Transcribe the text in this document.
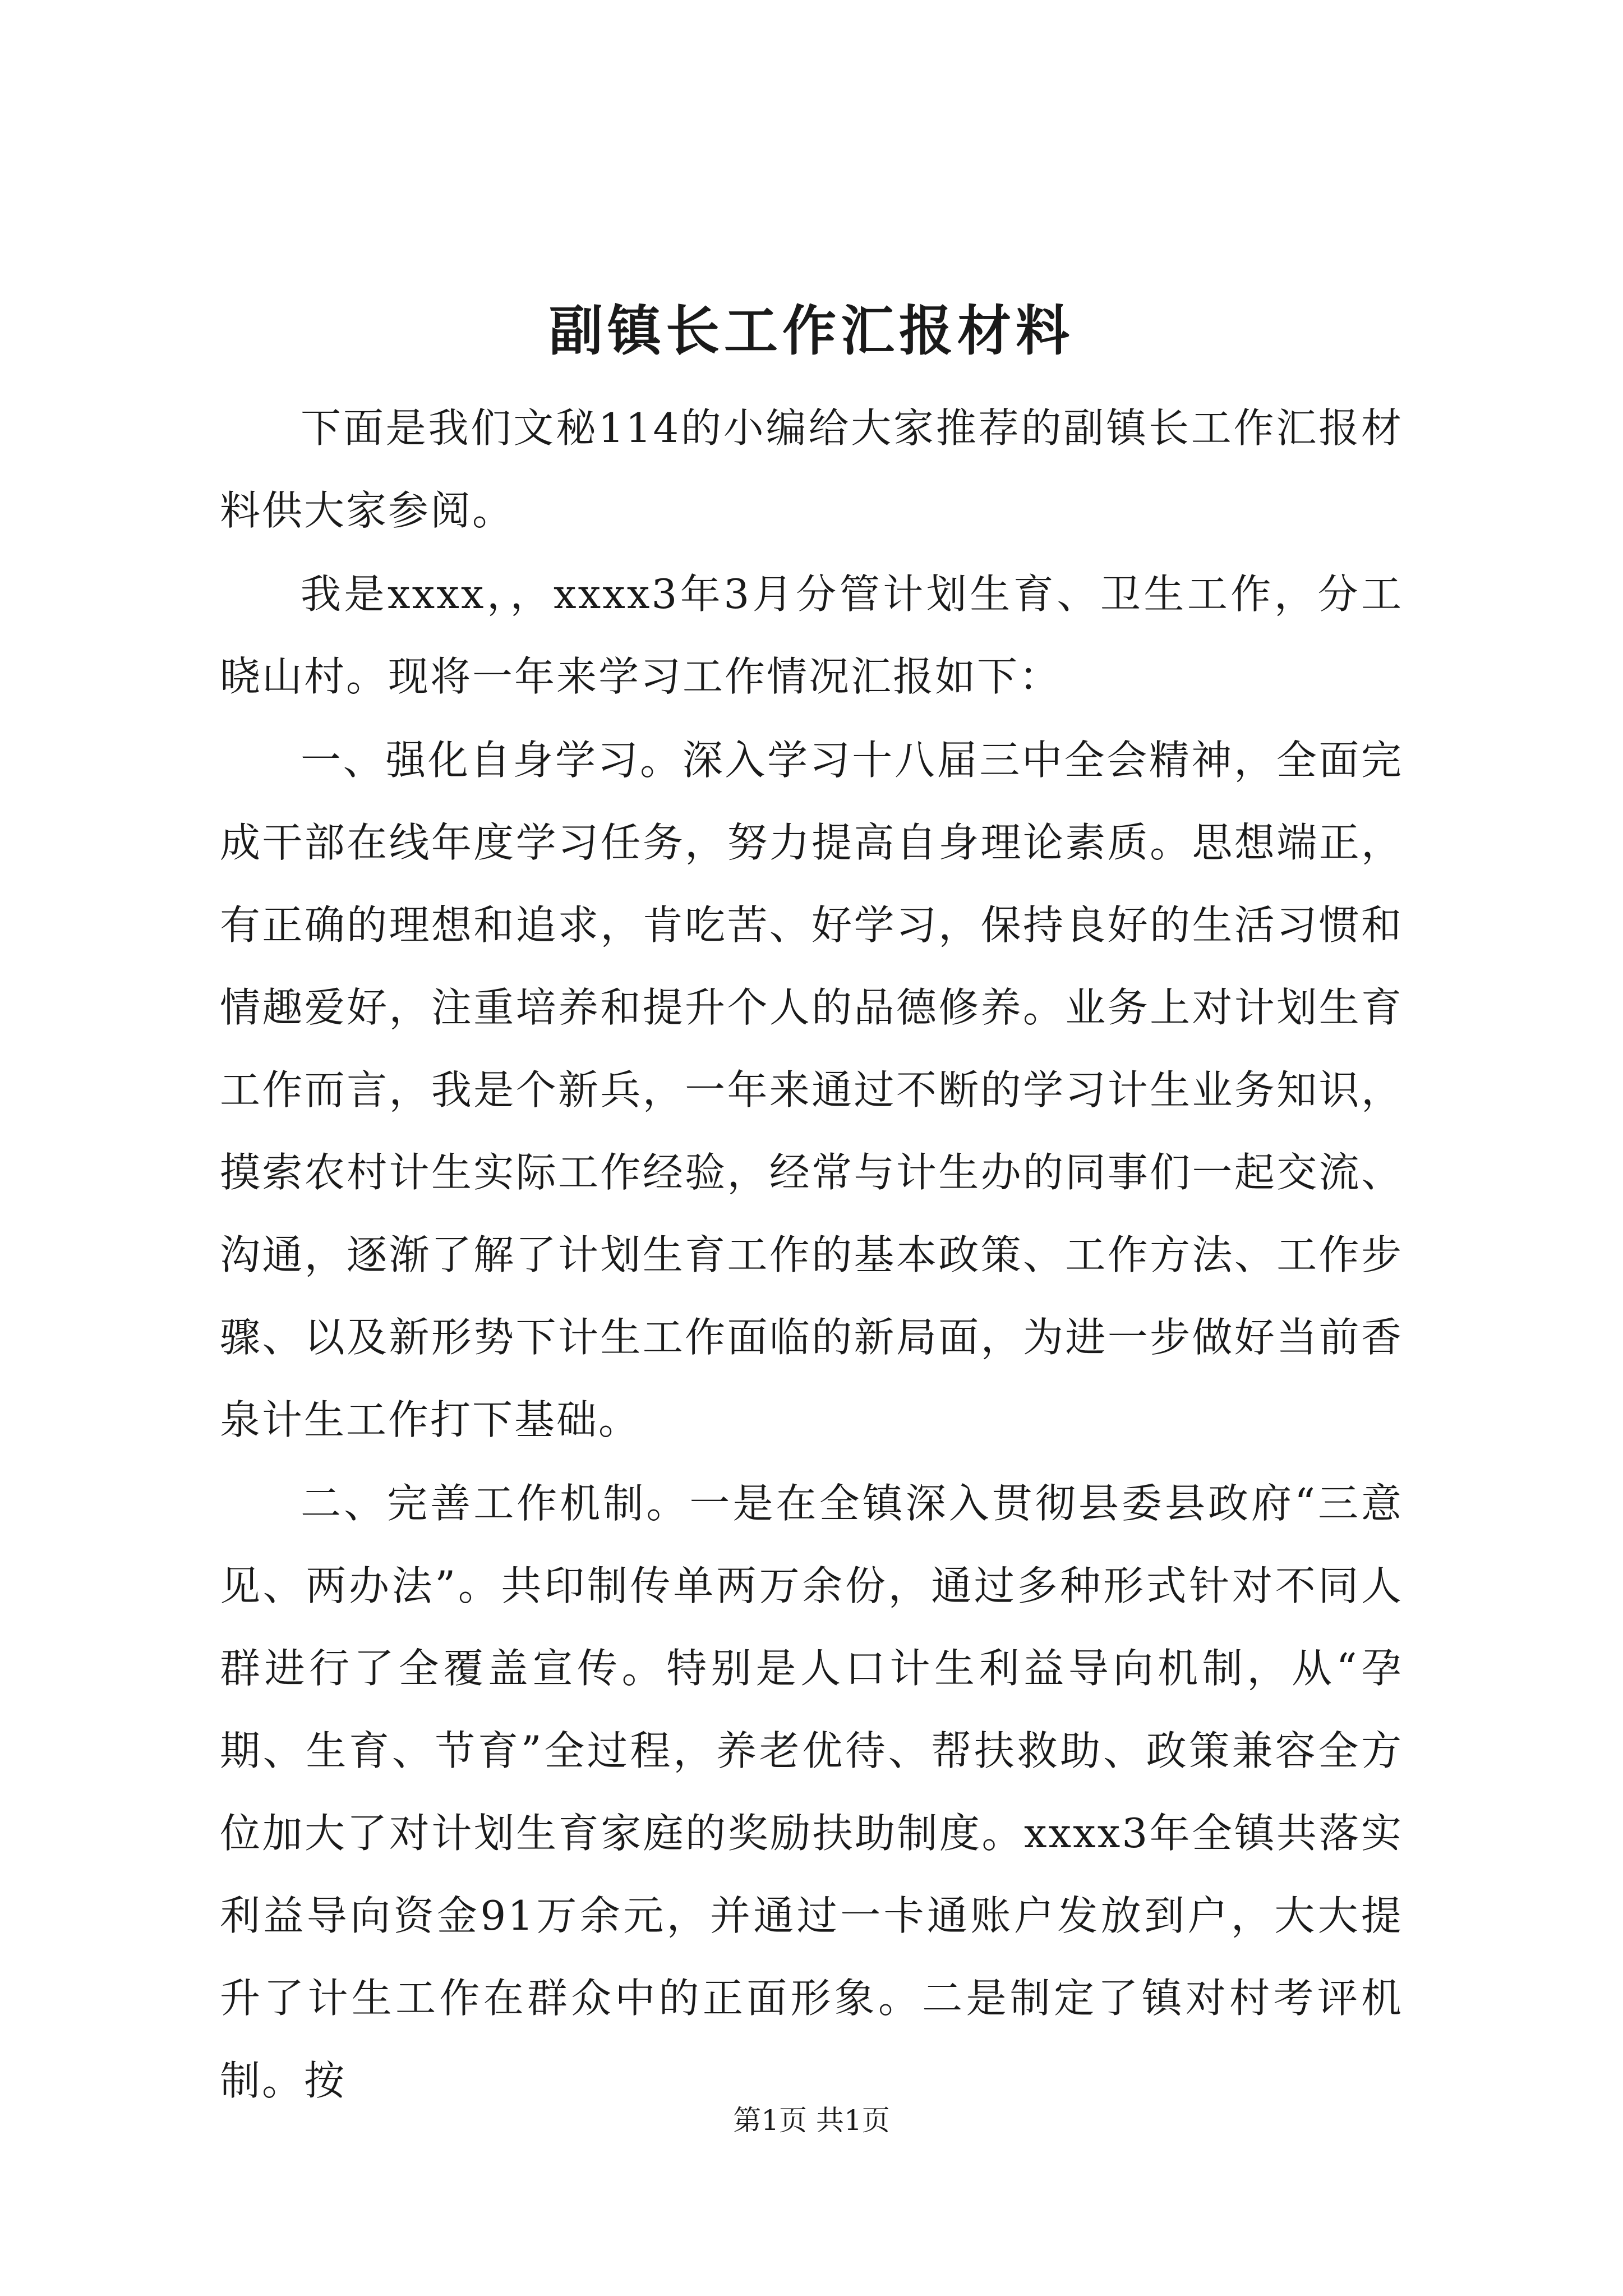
副镇长工作汇报材料

下面是我们文秘114的小编给大家推荐的副镇长工作汇报材料供大家参阅。

我是xxxx，，xxxx3年3月分管计划生育、卫生工作，分工晓山村。现将一年来学习工作情况汇报如下：

一、强化自身学习。深入学习十八届三中全会精神，全面完成干部在线年度学习任务，努力提高自身理论素质。思想端正，有正确的理想和追求，肯吃苦、好学习，保持良好的生活习惯和情趣爱好，注重培养和提升个人的品德修养。业务上对计划生育工作而言，我是个新兵，一年来通过不断的学习计生业务知识，摸索农村计生实际工作经验，经常与计生办的同事们一起交流、沟通，逐渐了解了计划生育工作的基本政策、工作方法、工作步骤、以及新形势下计生工作面临的新局面，为进一步做好当前香泉计生工作打下基础。

二、完善工作机制。一是在全镇深入贯彻县委县政府“三意见、两办法”。共印制传单两万余份，通过多种形式针对不同人群进行了全覆盖宣传。特别是人口计生利益导向机制，从“孕期、生育、节育”全过程，养老优待、帮扶救助、政策兼容全方位加大了对计划生育家庭的奖励扶助制度。xxxx3年全镇共落实利益导向资金91万余元，并通过一卡通账户发放到户，大大提升了计生工作在群众中的正面形象。二是制定了镇对村考评机制。按

第1页 共1页
